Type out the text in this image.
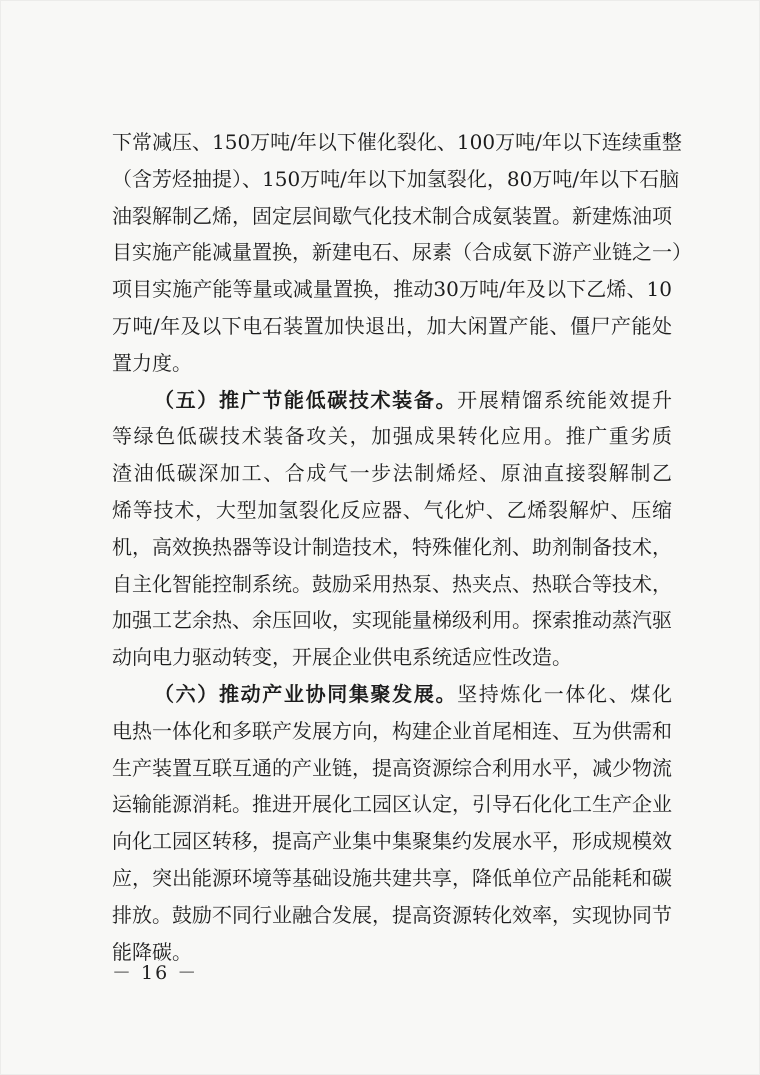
下常减压、150万吨/年以下催化裂化、100万吨/年以下连续重整
（含芳烃抽提）、150万吨/年以下加氢裂化，80万吨/年以下石脑
油裂解制乙烯，固定层间歇气化技术制合成氨装置。新建炼油项
目实施产能减量置换，新建电石、尿素（合成氨下游产业链之一）
项目实施产能等量或减量置换，推动30万吨/年及以下乙烯、10
万吨/年及以下电石装置加快退出，加大闲置产能、僵尸产能处
置力度。
（五）推广节能低碳技术装备。开展精馏系统能效提升
等绿色低碳技术装备攻关，加强成果转化应用。推广重劣质
渣油低碳深加工、合成气一步法制烯烃、原油直接裂解制乙
烯等技术，大型加氢裂化反应器、气化炉、乙烯裂解炉、压缩
机，高效换热器等设计制造技术，特殊催化剂、助剂制备技术，
自主化智能控制系统。鼓励采用热泵、热夹点、热联合等技术，
加强工艺余热、余压回收，实现能量梯级利用。探索推动蒸汽驱
动向电力驱动转变，开展企业供电系统适应性改造。
（六）推动产业协同集聚发展。坚持炼化一体化、煤化
电热一体化和多联产发展方向，构建企业首尾相连、互为供需和
生产装置互联互通的产业链，提高资源综合利用水平，减少物流
运输能源消耗。推进开展化工园区认定，引导石化化工生产企业
向化工园区转移，提高产业集中集聚集约发展水平，形成规模效
应，突出能源环境等基础设施共建共享，降低单位产品能耗和碳
排放。鼓励不同行业融合发展，提高资源转化效率，实现协同节
能降碳。
－ 16 －
